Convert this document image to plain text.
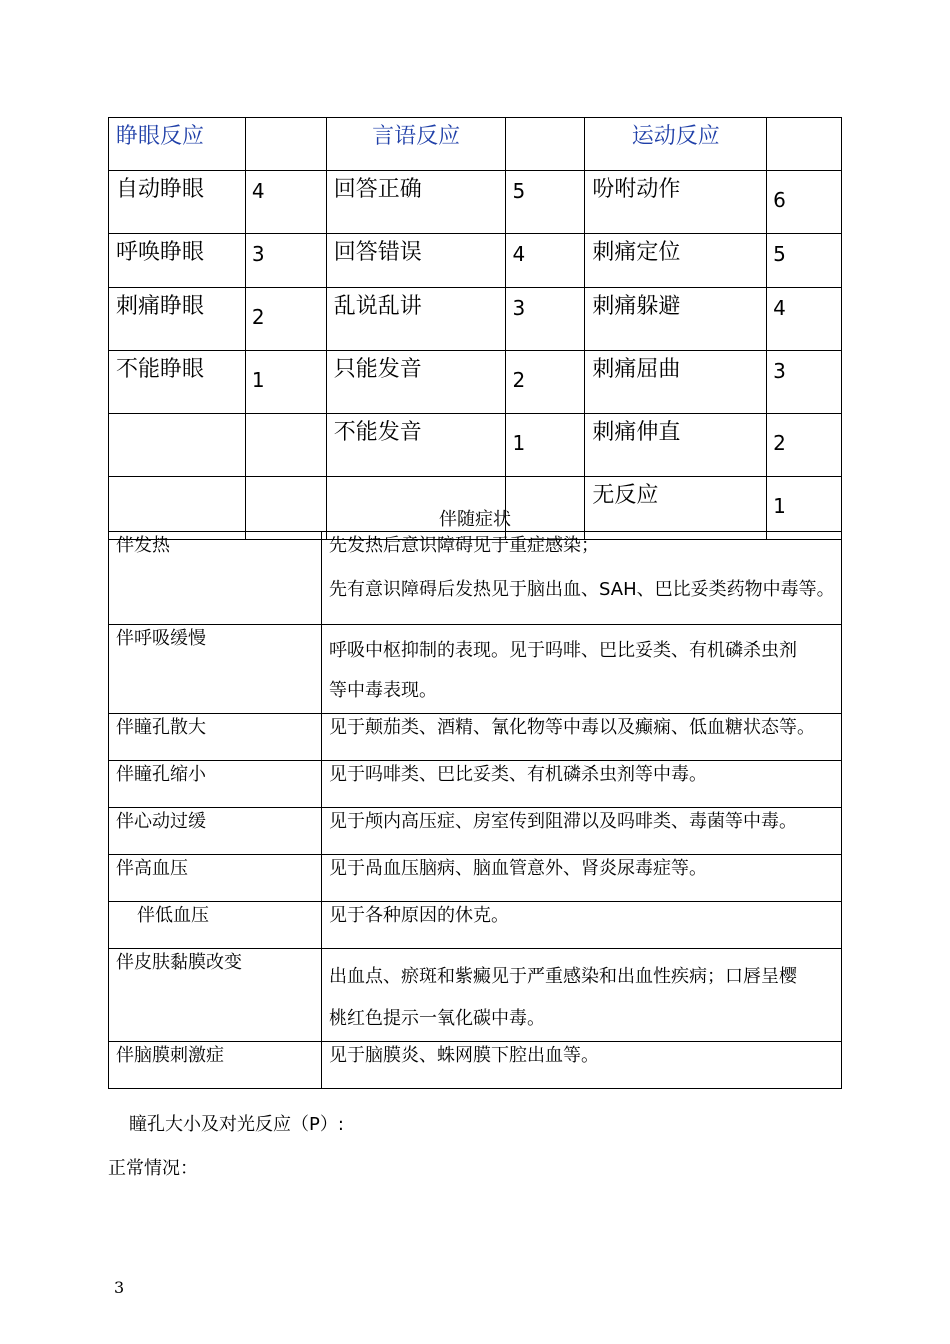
睁眼反应		言语反应		运动反应	
自动睁眼	4	回答正确	5	吩咐动作	6
呼唤睁眼	3	回答错误	4	刺痛定位	5
刺痛睁眼	2	乱说乱讲	3	刺痛躲避	4
不能睁眼	1	只能发音	2	刺痛屈曲	3
		不能发音	1	刺痛伸直	2
				无反应	1
伴随症状
伴发热	先发热后意识障碍见于重症感染；
先有意识障碍后发热见于脑出血、SAH、巴比妥类药物中毒等。

伴呼吸缓慢	呼吸中枢抑制的表现。见于吗啡、巴比妥类、有机磷杀虫剂
等中毒表现。

伴瞳孔散大	见于颠茄类、酒精、氰化物等中毒以及癫痫、低血糖状态等。
伴瞳孔缩小	见于吗啡类、巴比妥类、有机磷杀虫剂等中毒。
伴心动过缓	见于颅内高压症、房室传到阻滞以及吗啡类、毒菌等中毒。
伴高血压	见于咼血压脑病、脑血管意外、肾炎尿毒症等。
伴低血压	见于各种原因的休克。
伴皮肤黏膜改变	出血点、瘀斑和紫癜见于严重感染和出血性疾病；口唇呈樱
桃红色提示一氧化碳中毒。

伴脑膜刺激症	见于脑膜炎、蛛网膜下腔出血等。
瞳孔大小及对光反应（P）:
正常情况：
3
